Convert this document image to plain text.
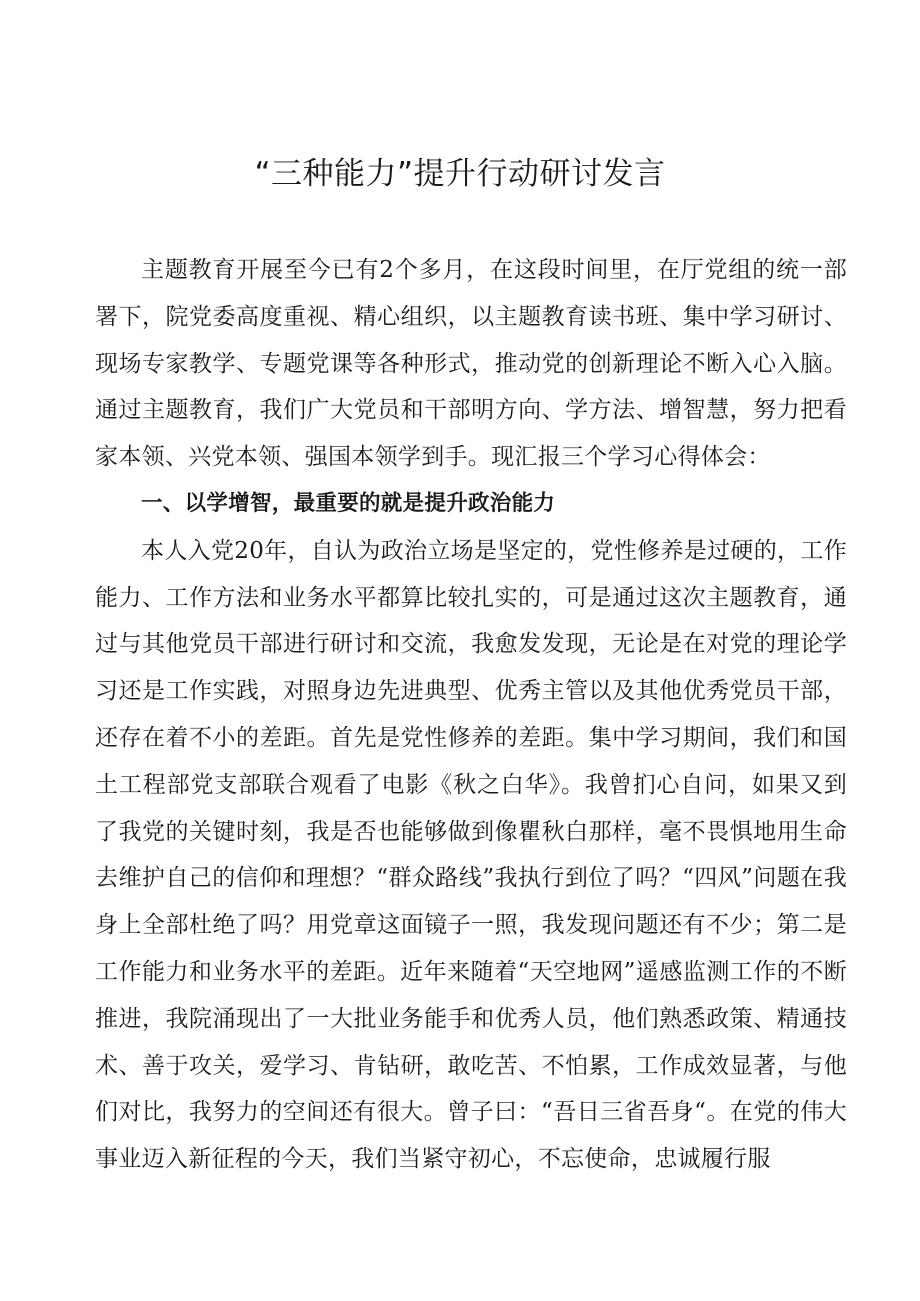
“三种能力”提升行动研讨发言

主题教育开展至今已有2个多月，在这段时间里，在厅党组的统一部署下，院党委高度重视、精心组织，以主题教育读书班、集中学习研讨、现场专家教学、专题党课等各种形式，推动党的创新理论不断入心入脑。通过主题教育，我们广大党员和干部明方向、学方法、增智慧，努力把看家本领、兴党本领、强国本领学到手。现汇报三个学习心得体会：

一、以学增智，最重要的就是提升政治能力

本人入党20年，自认为政治立场是坚定的，党性修养是过硬的，工作能力、工作方法和业务水平都算比较扎实的，可是通过这次主题教育，通过与其他党员干部进行研讨和交流，我愈发发现，无论是在对党的理论学习还是工作实践，对照身边先进典型、优秀主管以及其他优秀党员干部，还存在着不小的差距。首先是党性修养的差距。集中学习期间，我们和国土工程部党支部联合观看了电影《秋之白华》。我曾扪心自问，如果又到了我党的关键时刻，我是否也能够做到像瞿秋白那样，毫不畏惧地用生命去维护自己的信仰和理想？“群众路线”我执行到位了吗？“四风”问题在我身上全部杜绝了吗？用党章这面镜子一照，我发现问题还有不少；第二是工作能力和业务水平的差距。近年来随着“天空地网”遥感监测工作的不断推进，我院涌现出了一大批业务能手和优秀人员，他们熟悉政策、精通技术、善于攻关，爱学习、肯钻研，敢吃苦、不怕累，工作成效显著，与他们对比，我努力的空间还有很大。曾子曰：“吾日三省吾身“。在党的伟大事业迈入新征程的今天，我们当紧守初心，不忘使命，忠诚履行服
